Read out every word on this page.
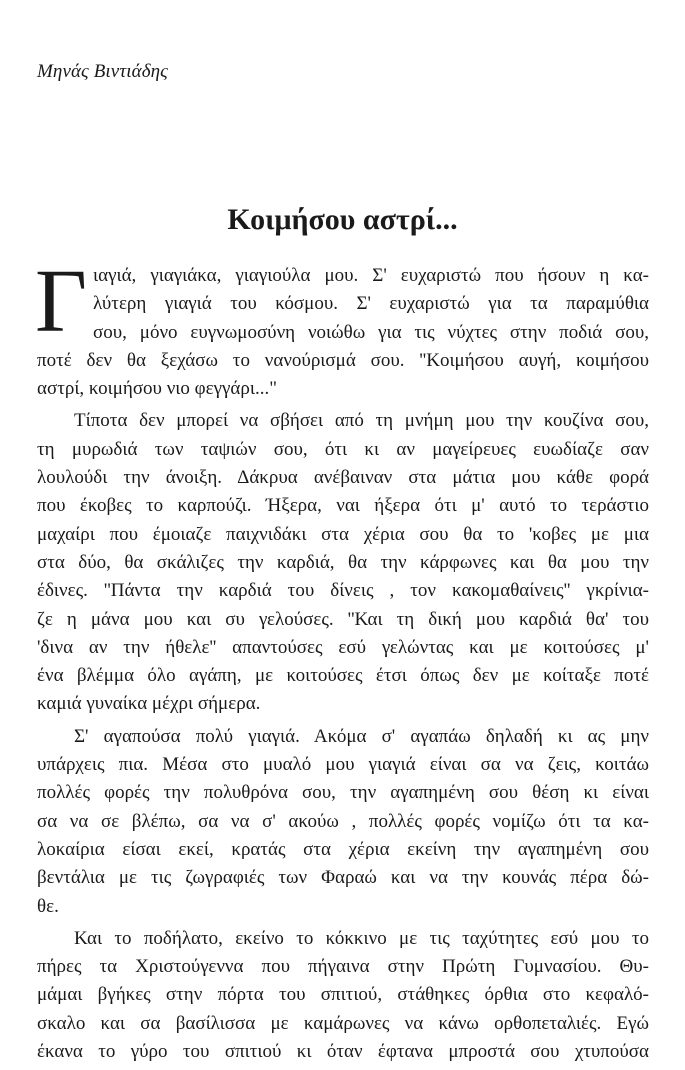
Μηνάς Βιντιάδης
Κοιμήσου αστρί...
Γ ιαγιά, γιαγιάκα, γιαγιούλα μου. Σ' ευχαριστώ που ήσουν η κα-
λύτερη γιαγιά του κόσμου. Σ' ευχαριστώ για τα παραμύθια
σου, μόνο ευγνωμοσύνη νοιώθω για τις νύχτες στην ποδιά σου,
ποτέ δεν θα ξεχάσω το νανούρισμά σου. ''Κοιμήσου αυγή, κοιμήσου
αστρί, κοιμήσου νιο φεγγάρι..."
Τίποτα δεν μπορεί να σβήσει από τη μνήμη μου την κουζίνα σου,
τη μυρωδιά των ταψιών σου, ότι κι αν μαγείρευες ευωδίαζε σαν
λουλούδι την άνοιξη. Δάκρυα ανέβαιναν στα μάτια μου κάθε φορά
που έκοβες το καρπούζι. Ήξερα, ναι ήξερα ότι μ' αυτό το τεράστιο
μαχαίρι που έμοιαζε παιχνιδάκι στα χέρια σου θα το 'κοβες με μια
στα δύο, θα σκάλιζες την καρδιά, θα την κάρφωνες και θα μου την
έδινες. ''Πάντα την καρδιά του δίνεις , τον κακομαθαίνεις'' γκρίνια-
ζε η μάνα μου και συ γελούσες. ''Και τη δική μου καρδιά θα' του
'δινα αν την ήθελε'' απαντούσες εσύ γελώντας και με κοιτούσες μ'
ένα βλέμμα όλο αγάπη, με κοιτούσες έτσι όπως δεν με κοίταξε ποτέ
καμιά γυναίκα μέχρι σήμερα.
Σ' αγαπούσα πολύ γιαγιά. Ακόμα σ' αγαπάω δηλαδή κι ας μην
υπάρχεις πια. Μέσα στο μυαλό μου γιαγιά είναι σα να ζεις, κοιτάω
πολλές φορές την πολυθρόνα σου, την αγαπημένη σου θέση κι είναι
σα να σε βλέπω, σα να σ' ακούω , πολλές φορές νομίζω ότι τα κα-
λοκαίρια είσαι εκεί, κρατάς στα χέρια εκείνη την αγαπημένη σου
βεντάλια με τις ζωγραφιές των Φαραώ και να την κουνάς πέρα δώ-
θε.
Και το ποδήλατο, εκείνο το κόκκινο με τις ταχύτητες εσύ μου το
πήρες τα Χριστούγεννα που πήγαινα στην Πρώτη Γυμνασίου. Θυ-
μάμαι βγήκες στην πόρτα του σπιτιού, στάθηκες όρθια στο κεφαλό-
σκαλο και σα βασίλισσα με καμάρωνες να κάνω ορθοπεταλιές. Εγώ
έκανα το γύρο του σπιτιού κι όταν έφτανα μπροστά σου χτυπούσα
